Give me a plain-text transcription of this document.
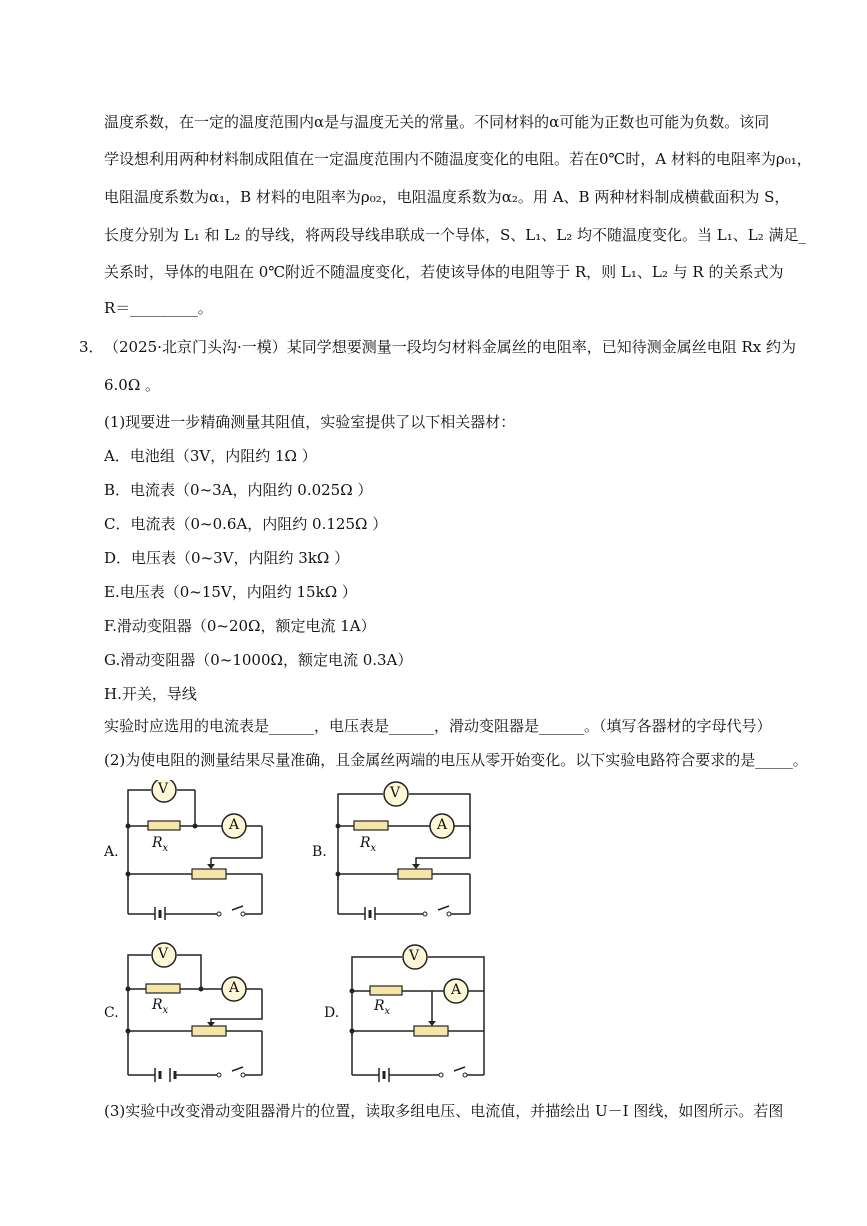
温度系数，在一定的温度范围内α是与温度无关的常量。不同材料的α可能为正数也可能为负数。该同
学设想利用两种材料制成阻值在一定温度范围内不随温度变化的电阻。若在0℃时，A 材料的电阻率为ρ₀₁，
电阻温度系数为α₁，B 材料的电阻率为ρ₀₂，电阻温度系数为α₂。用 A、B 两种材料制成横截面积为 S，
长度分别为 L₁ 和 L₂ 的导线，将两段导线串联成一个导体，S、L₁、L₂ 均不随温度变化。当 L₁、L₂ 满足_
关系时，导体的电阻在 0℃附近不随温度变化，若使该导体的电阻等于 R，则 L₁、L₂ 与 R 的关系式为
R＝_________。
3． （2025·北京门头沟·一模）某同学想要测量一段均匀材料金属丝的电阻率，已知待测金属丝电阻 Rx 约为
6.0Ω 。
(1)现要进一步精确测量其阻值，实验室提供了以下相关器材：
A．电池组（3V，内阻约 1Ω ）
B．电流表（0~3A，内阻约 0.025Ω ）
C．电流表（0~0.6A，内阻约 0.125Ω ）
D．电压表（0~3V，内阻约 3kΩ ）
E.电压表（0~15V，内阻约 15kΩ ）
F.滑动变阻器（0~20Ω，额定电流 1A）
G.滑动变阻器（0~1000Ω，额定电流 0.3A）
H.开关，导线
实验时应选用的电流表是______，电压表是______，滑动变阻器是______。（填写各器材的字母代号）
(2)为使电阻的测量结果尽量准确，且金属丝两端的电压从零开始变化。以下实验电路符合要求的是_____。
A.
$R_x$
V
A
B.
$R_x$
V
A
C. $R_x$
V
A
D. $R_x$
V
A
(3)实验中改变滑动变阻器滑片的位置，读取多组电压、电流值，并描绘出 U－I 图线，如图所示。若图
